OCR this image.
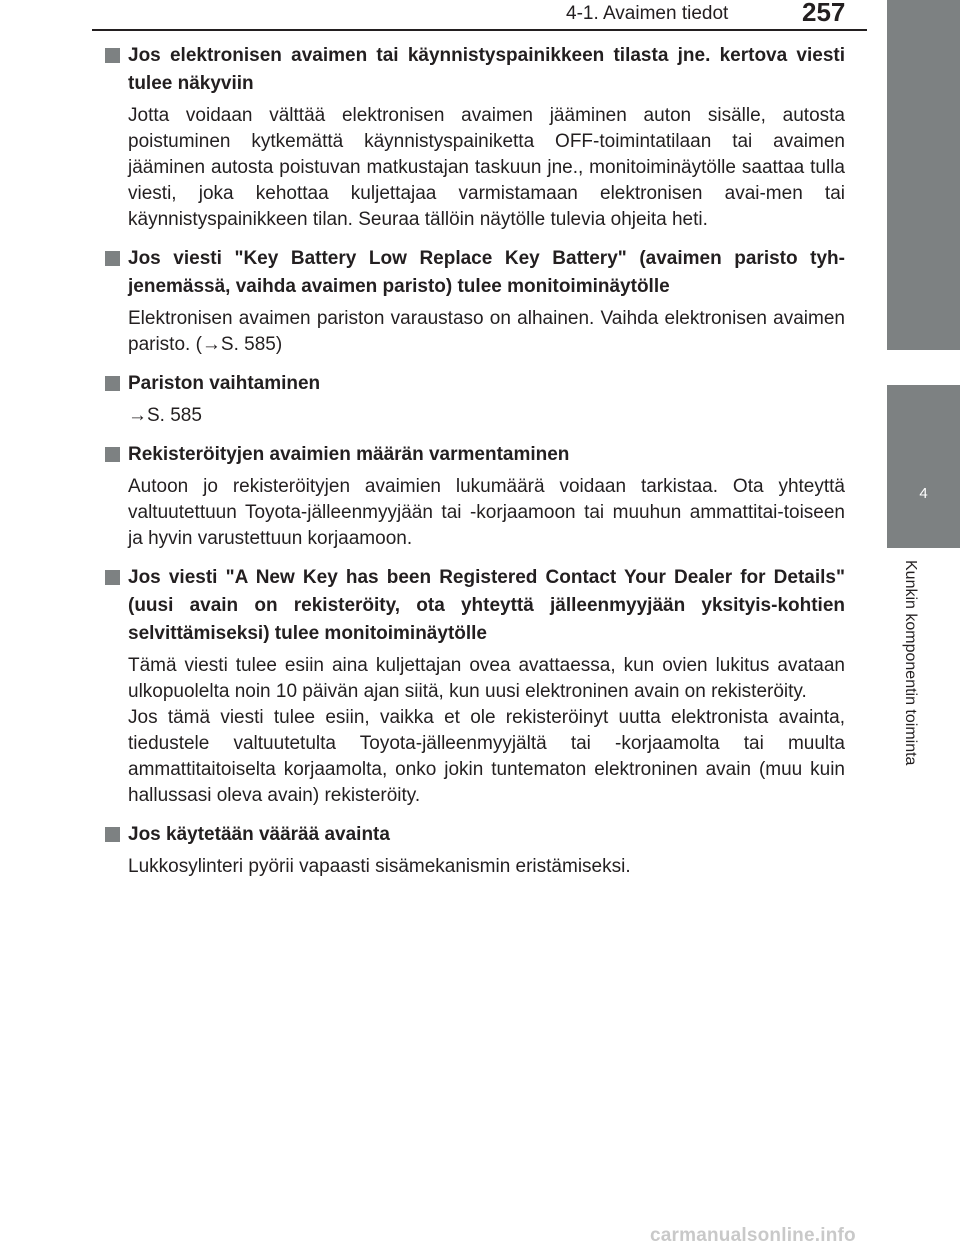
4-1. Avaimen tiedot	257
4
Kunkin komponentin toiminta
Jos elektronisen avaimen tai käynnistyspainikkeen tilasta jne. kertova viesti tulee näkyviin
Jotta voidaan välttää elektronisen avaimen jääminen auton sisälle, autosta poistuminen kytkemättä käynnistyspainiketta OFF-toimintatilaan tai avaimen jääminen autosta poistuvan matkustajan taskuun jne., monitoiminäytölle saattaa tulla viesti, joka kehottaa kuljettajaa varmistamaan elektronisen avai-men tai käynnistyspainikkeen tilan. Seuraa tällöin näytölle tulevia ohjeita heti.
Jos viesti "Key Battery Low Replace Key Battery" (avaimen paristo tyh-jenemässä, vaihda avaimen paristo) tulee monitoiminäytölle
Elektronisen avaimen pariston varaustaso on alhainen. Vaihda elektronisen avaimen paristo. (→S. 585)
Pariston vaihtaminen
→S. 585
Rekisteröityjen avaimien määrän varmentaminen
Autoon jo rekisteröityjen avaimien lukumäärä voidaan tarkistaa. Ota yhteyttä valtuutettuun Toyota-jälleenmyyjään tai -korjaamoon tai muuhun ammattitai-toiseen ja hyvin varustettuun korjaamoon.
Jos viesti "A New Key has been Registered Contact Your Dealer for Details" (uusi avain on rekisteröity, ota yhteyttä jälleenmyyjään yksityis-kohtien selvittämiseksi) tulee monitoiminäytölle
Tämä viesti tulee esiin aina kuljettajan ovea avattaessa, kun ovien lukitus avataan ulkopuolelta noin 10 päivän ajan siitä, kun uusi elektroninen avain on rekisteröity.
Jos tämä viesti tulee esiin, vaikka et ole rekisteröinyt uutta elektronista avainta, tiedustele valtuutetulta Toyota-jälleenmyyjältä tai -korjaamolta tai muulta ammattitaitoiselta korjaamolta, onko jokin tuntematon elektroninen avain (muu kuin hallussasi oleva avain) rekisteröity.
Jos käytetään väärää avainta
Lukkosylinteri pyörii vapaasti sisämekanismin eristämiseksi.
carmanualsonline.info
